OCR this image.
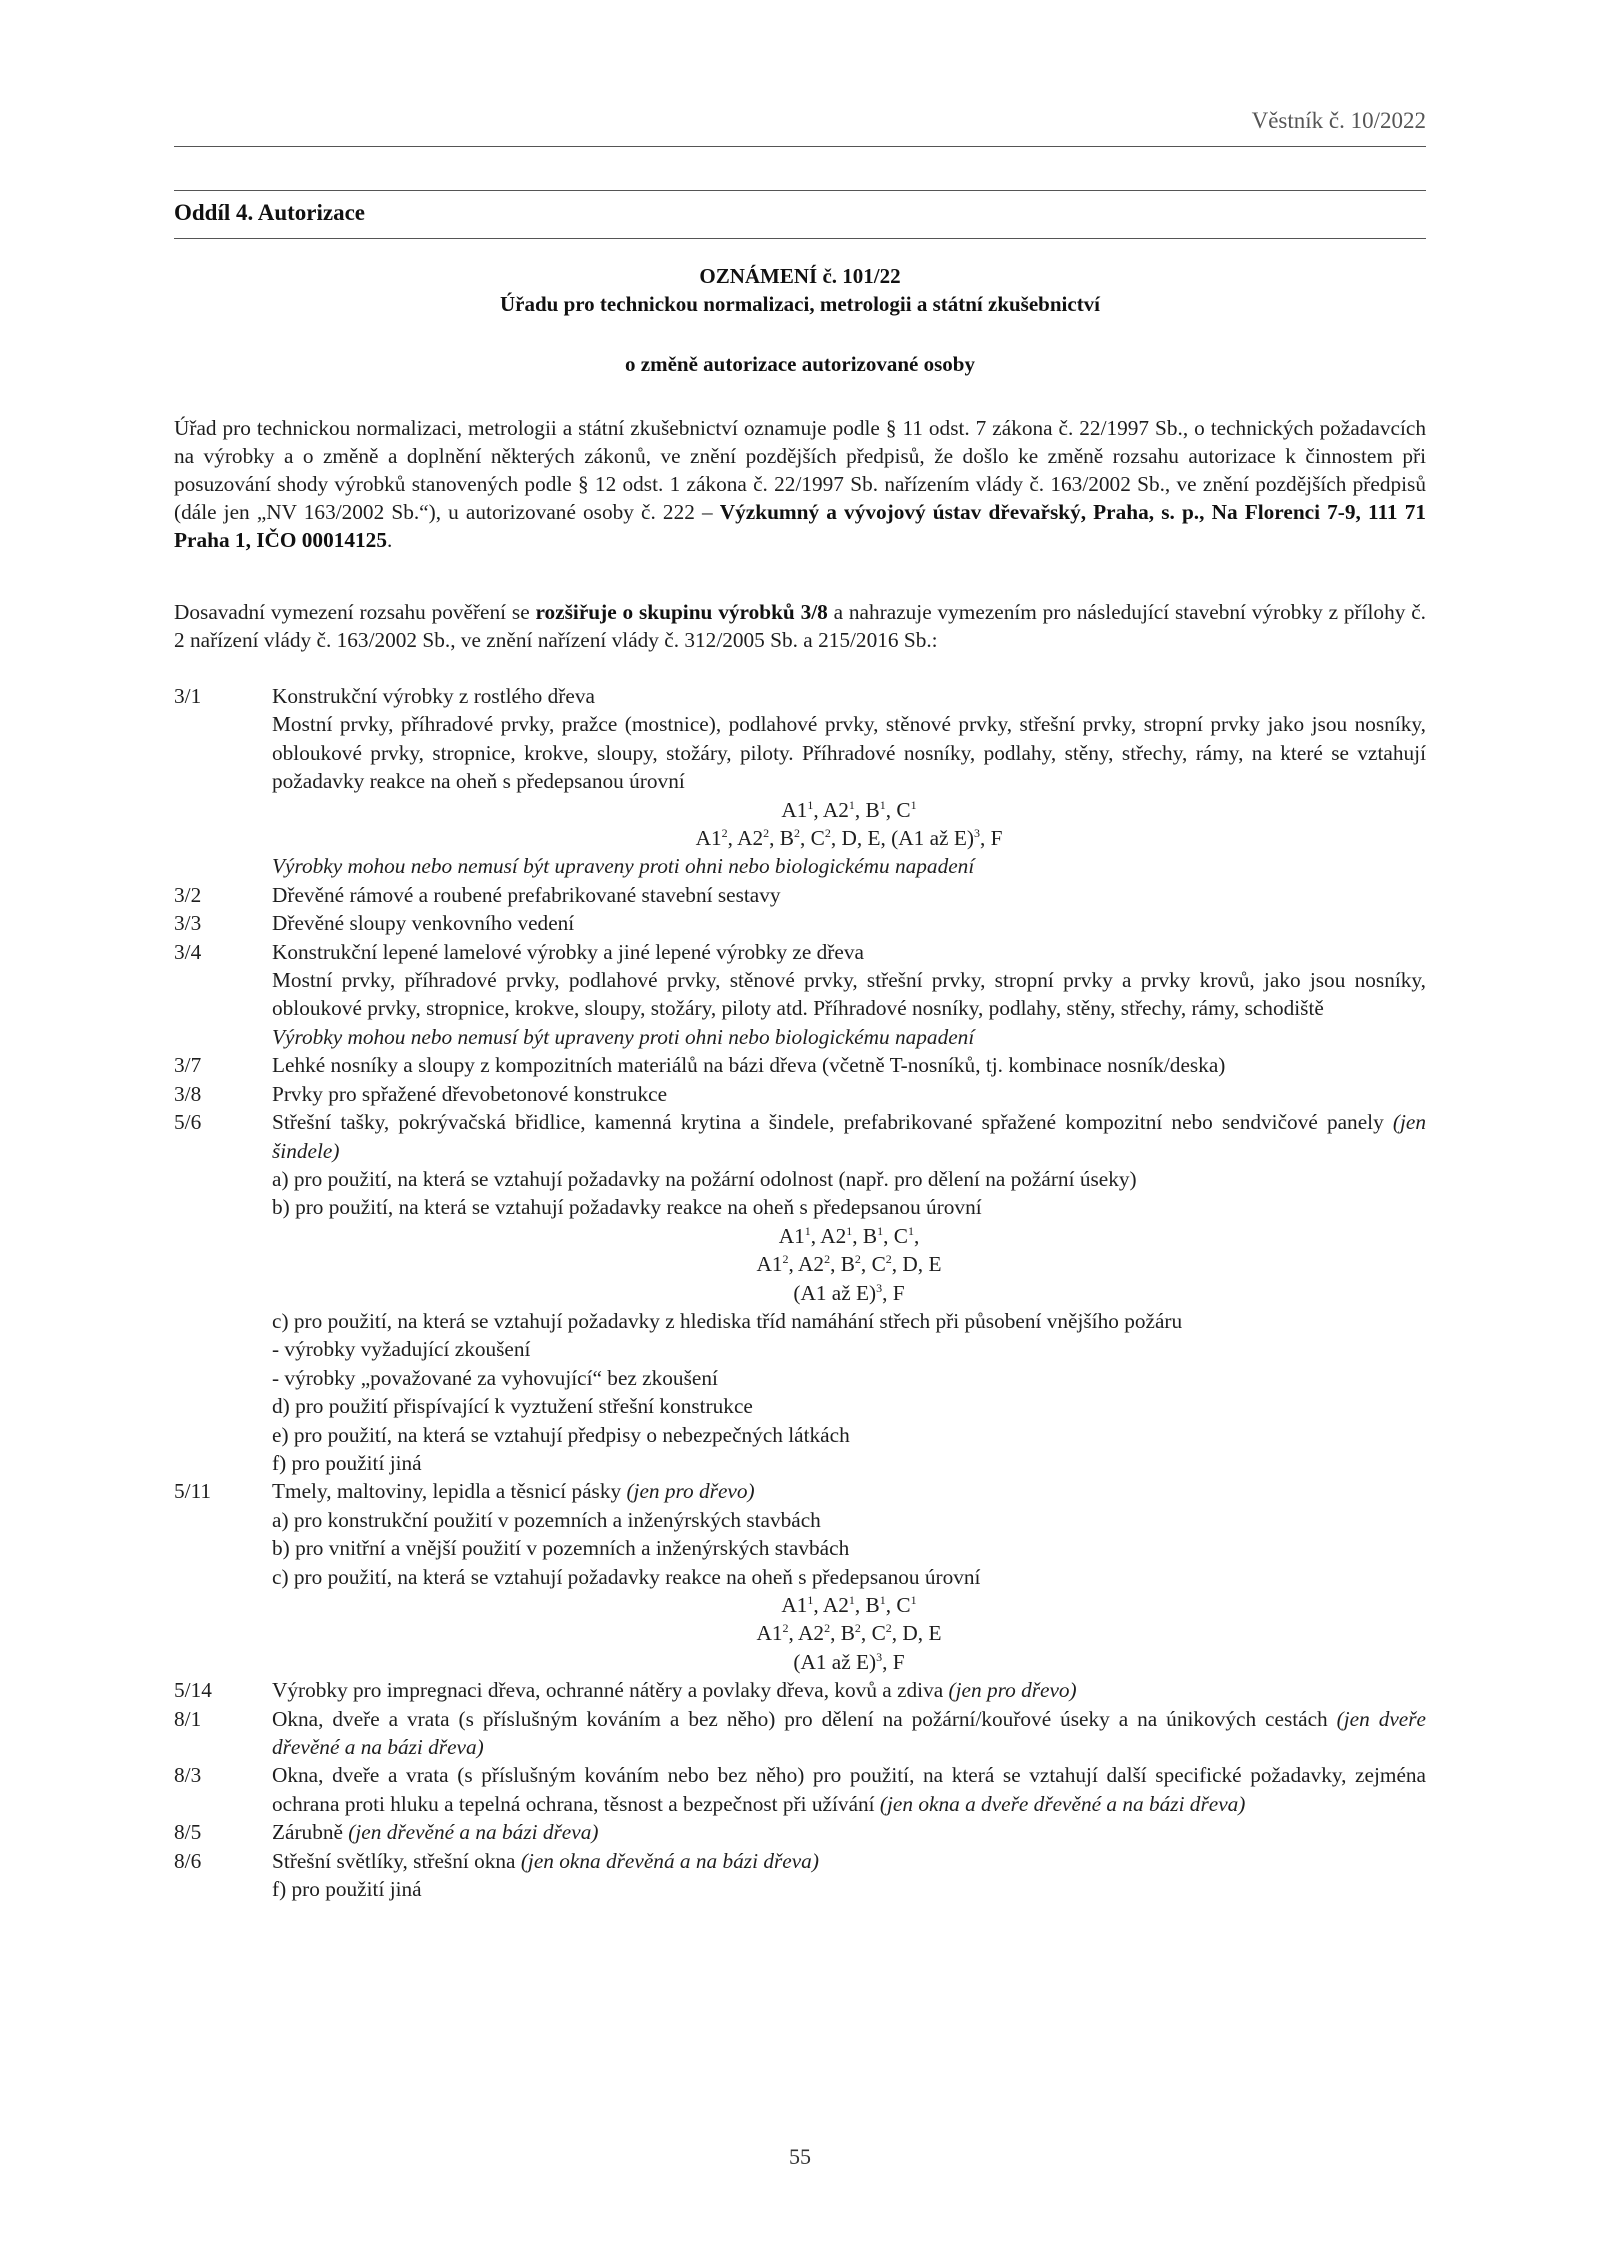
Věstník č. 10/2022
Oddíl 4. Autorizace
OZNÁMENÍ č. 101/22
Úřadu pro technickou normalizaci, metrologii a státní zkušebnictví
o změně autorizace autorizované osoby
Úřad pro technickou normalizaci, metrologii a státní zkušebnictví oznamuje podle § 11 odst. 7 zákona č. 22/1997 Sb., o technických požadavcích na výrobky a o změně a doplnění některých zákonů, ve znění pozdějších předpisů, že došlo ke změně rozsahu autorizace k činnostem při posuzování shody výrobků stanovených podle § 12 odst. 1 zákona č. 22/1997 Sb. nařízením vlády č. 163/2002 Sb., ve znění pozdějších předpisů (dále jen „NV 163/2002 Sb.“), u autorizované osoby č. 222 – Výzkumný a vývojový ústav dřevařský, Praha, s. p., Na Florenci 7-9, 111 71 Praha 1, IČO 00014125.
Dosavadní vymezení rozsahu pověření se rozšiřuje o skupinu výrobků 3/8 a nahrazuje vymezením pro následující stavební výrobky z přílohy č. 2 nařízení vlády č. 163/2002 Sb., ve znění nařízení vlády č. 312/2005 Sb. a 215/2016 Sb.:
3/1	Konstrukční výrobky z rostlého dřeva
Mostní prvky, příhradové prvky, pražce (mostnice), podlahové prvky, stěnové prvky, střešní prvky, stropní prvky jako jsou nosníky, obloukové prvky, stropnice, krokve, sloupy, stožáry, piloty. Příhradové nosníky, podlahy, stěny, střechy, rámy, na které se vztahují požadavky reakce na oheň s předepsanou úrovní
$A1^1$, $A2^1$, $B^1$, $C^1$
$A1^2$, $A2^2$, $B^2$, $C^2$, D, E, (A1 až E)$^3$, F
Výrobky mohou nebo nemusí být upraveny proti ohni nebo biologickému napadení
3/2	Dřevěné rámové a roubené prefabrikované stavební sestavy
3/3	Dřevěné sloupy venkovního vedení
3/4	Konstrukční lepené lamelové výrobky a jiné lepené výrobky ze dřeva
Mostní prvky, příhradové prvky, podlahové prvky, stěnové prvky, střešní prvky, stropní prvky a prvky krovů, jako jsou nosníky, obloukové prvky, stropnice, krokve, sloupy, stožáry, piloty atd. Příhradové nosníky, podlahy, stěny, střechy, rámy, schodiště
Výrobky mohou nebo nemusí být upraveny proti ohni nebo biologickému napadení
3/7	Lehké nosníky a sloupy z kompozitních materiálů na bázi dřeva (včetně T-nosníků, tj. kombinace nosník/deska)
3/8	Prvky pro spřažené dřevobetonové konstrukce
5/6	Střešní tašky, pokrývačská břidlice, kamenná krytina a šindele, prefabrikované spřažené kompozitní nebo sendvičové panely (jen šindele)
a) pro použití, na která se vztahují požadavky na požární odolnost (např. pro dělení na požární úseky)
b) pro použití, na která se vztahují požadavky reakce na oheň s předepsanou úrovní
$A1^1$, $A2^1$, $B^1$, $C^1$,
$A1^2$, $A2^2$, $B^2$, $C^2$, D, E
(A1 až E)$^3$, F
c) pro použití, na která se vztahují požadavky z hlediska tříd namáhání střech při působení vnějšího požáru
- výrobky vyžadující zkoušení
- výrobky „považované za vyhovující“ bez zkoušení
d) pro použití přispívající k vyztužení střešní konstrukce
e) pro použití, na která se vztahují předpisy o nebezpečných látkách
f) pro použití jiná
5/11	Tmely, maltoviny, lepidla a těsnicí pásky (jen pro dřevo)
a) pro konstrukční použití v pozemních a inženýrských stavbách
b) pro vnitřní a vnější použití v pozemních a inženýrských stavbách
c) pro použití, na která se vztahují požadavky reakce na oheň s předepsanou úrovní
$A1^1$, $A2^1$, $B^1$, $C^1$
$A1^2$, $A2^2$, $B^2$, $C^2$, D, E
(A1 až E)$^3$, F
5/14	Výrobky pro impregnaci dřeva, ochranné nátěry a povlaky dřeva, kovů a zdiva (jen pro dřevo)
8/1	Okna, dveře a vrata (s příslušným kováním a bez něho) pro dělení na požární/kouřové úseky a na únikových cestách (jen dveře dřevěné a na bázi dřeva)
8/3	Okna, dveře a vrata (s příslušným kováním nebo bez něho) pro použití, na která se vztahují další specifické požadavky, zejména ochrana proti hluku a tepelná ochrana, těsnost a bezpečnost při užívání (jen okna a dveře dřevěné a na bázi dřeva)
8/5	Zárubně (jen dřevěné a na bázi dřeva)
8/6	Střešní světlíky, střešní okna (jen okna dřevěná a na bázi dřeva)
f) pro použití jiná
55
